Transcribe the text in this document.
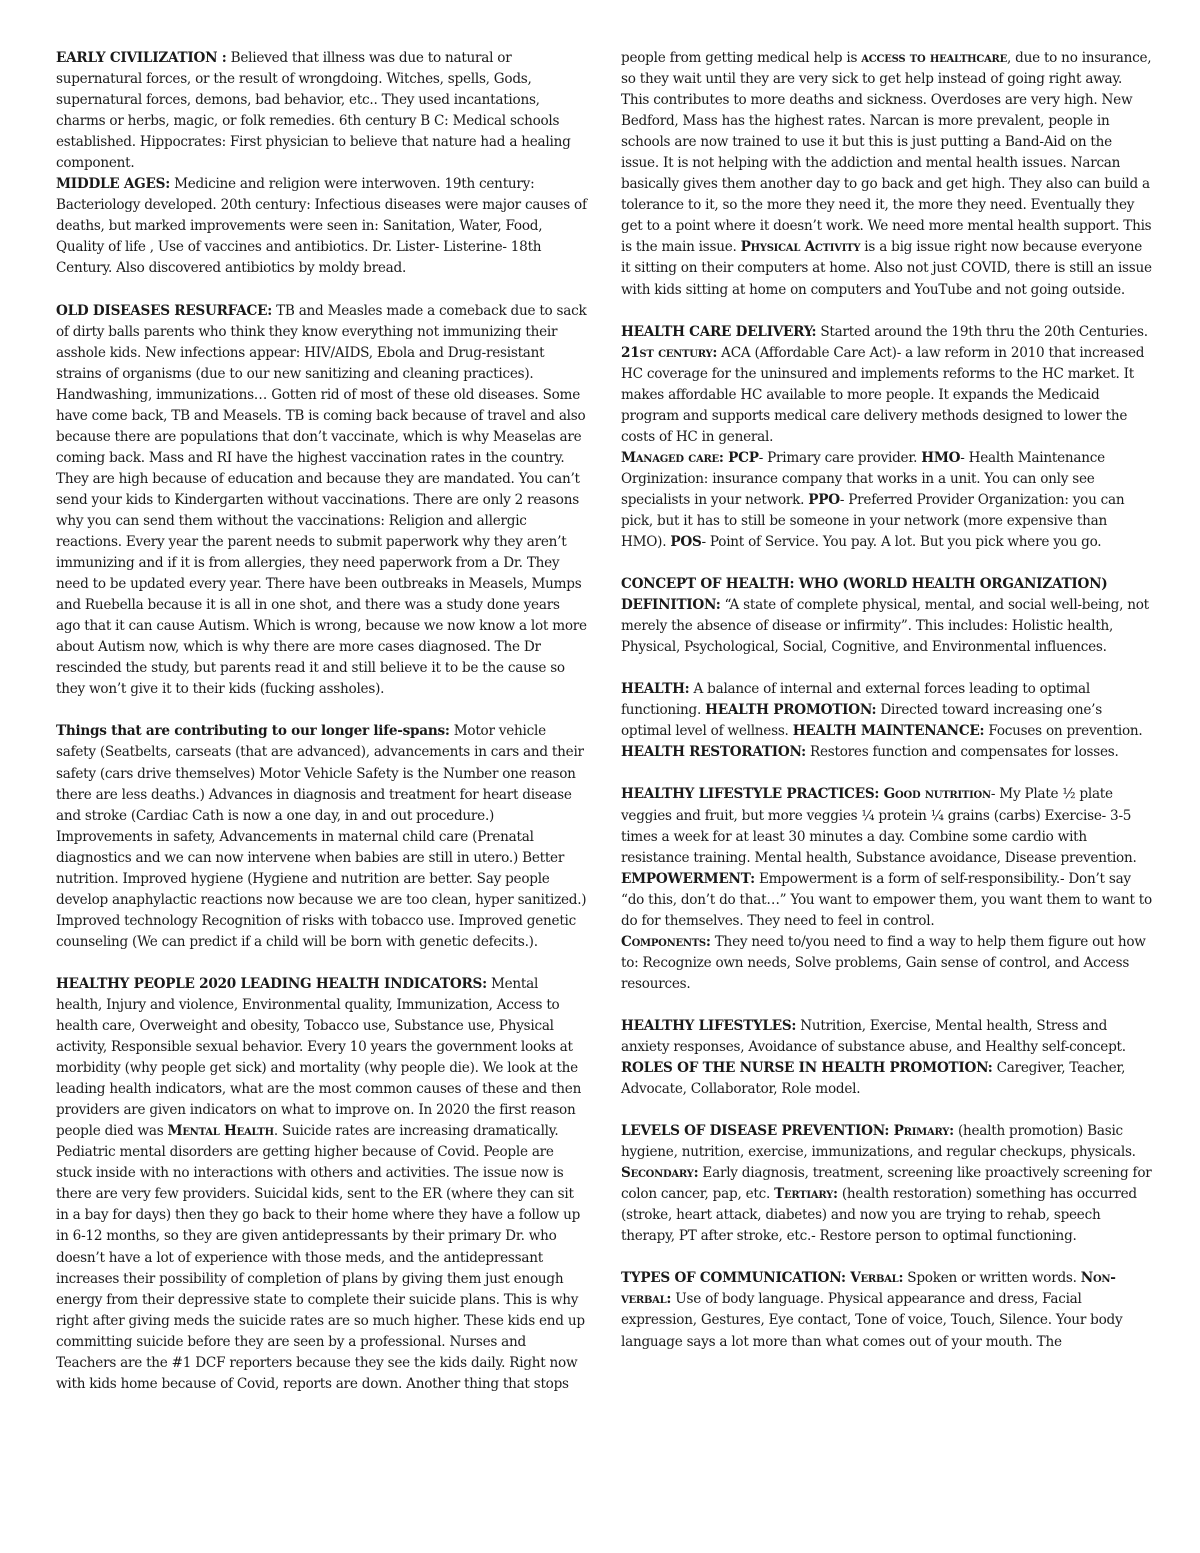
EARLY CIVILIZATION : Believed that illness was due to natural or supernatural forces, or the result of wrongdoing. Witches, spells, Gods, supernatural forces, demons, bad behavior, etc.. They used incantations, charms or herbs, magic, or folk remedies. 6th century B C: Medical schools established. Hippocrates: First physician to believe that nature had a healing component.
MIDDLE AGES: Medicine and religion were interwoven. 19th century: Bacteriology developed. 20th century: Infectious diseases were major causes of deaths, but marked improvements were seen in: Sanitation, Water, Food, Quality of life , Use of vaccines and antibiotics. Dr. Lister- Listerine- 18th Century. Also discovered antibiotics by moldy bread.
OLD DISEASES RESURFACE: TB and Measles made a comeback due to sack of dirty balls parents who think they know everything not immunizing their asshole kids. New infections appear: HIV/AIDS, Ebola and Drug-resistant strains of organisms (due to our new sanitizing and cleaning practices). Handwashing, immunizations… Gotten rid of most of these old diseases. Some have come back, TB and Measels. TB is coming back because of travel and also because there are populations that don’t vaccinate, which is why Measelas are coming back. Mass and RI have the highest vaccination rates in the country. They are high because of education and because they are mandated. You can’t send your kids to Kindergarten without vaccinations. There are only 2 reasons why you can send them without the vaccinations: Religion and allergic reactions. Every year the parent needs to submit paperwork why they aren’t immunizing and if it is from allergies, they need paperwork from a Dr. They need to be updated every year. There have been outbreaks in Measels, Mumps and Ruebella because it is all in one shot, and there was a study done years ago that it can cause Autism. Which is wrong, because we now know a lot more about Autism now, which is why there are more cases diagnosed. The Dr rescinded the study, but parents read it and still believe it to be the cause so they won’t give it to their kids (fucking assholes).
Things that are contributing to our longer life-spans: Motor vehicle safety (Seatbelts, carseats (that are advanced), advancements in cars and their safety (cars drive themselves) Motor Vehicle Safety is the Number one reason there are less deaths.) Advances in diagnosis and treatment for heart disease and stroke (Cardiac Cath is now a one day, in and out procedure.) Improvements in safety, Advancements in maternal child care (Prenatal diagnostics and we can now intervene when babies are still in utero.) Better nutrition. Improved hygiene (Hygiene and nutrition are better. Say people develop anaphylactic reactions now because we are too clean, hyper sanitized.) Improved technology Recognition of risks with tobacco use. Improved genetic counseling (We can predict if a child will be born with genetic defecits.).
HEALTHY PEOPLE 2020 LEADING HEALTH INDICATORS: Mental health, Injury and violence, Environmental quality, Immunization, Access to health care, Overweight and obesity, Tobacco use, Substance use, Physical activity, Responsible sexual behavior. Every 10 years the government looks at morbidity (why people get sick) and mortality (why people die). We look at the leading health indicators, what are the most common causes of these and then providers are given indicators on what to improve on. In 2020 the first reason people died was Mental Health. Suicide rates are increasing dramatically. Pediatric mental disorders are getting higher because of Covid. People are stuck inside with no interactions with others and activities. The issue now is there are very few providers. Suicidal kids, sent to the ER (where they can sit in a bay for days) then they go back to their home where they have a follow up in 6-12 months, so they are given antidepressants by their primary Dr. who doesn’t have a lot of experience with those meds, and the antidepressant increases their possibility of completion of plans by giving them just enough energy from their depressive state to complete their suicide plans. This is why right after giving meds the suicide rates are so much higher. These kids end up committing suicide before they are seen by a professional. Nurses and Teachers are the #1 DCF reporters because they see the kids daily. Right now with kids home because of Covid, reports are down. Another thing that stops
people from getting medical help is access to healthcare, due to no insurance, so they wait until they are very sick to get help instead of going right away. This contributes to more deaths and sickness. Overdoses are very high. New Bedford, Mass has the highest rates. Narcan is more prevalent, people in schools are now trained to use it but this is just putting a Band-Aid on the issue. It is not helping with the addiction and mental health issues. Narcan basically gives them another day to go back and get high. They also can build a tolerance to it, so the more they need it, the more they need. Eventually they get to a point where it doesn’t work. We need more mental health support. This is the main issue. Physical Activity is a big issue right now because everyone it sitting on their computers at home. Also not just COVID, there is still an issue with kids sitting at home on computers and YouTube and not going outside.
HEALTH CARE DELIVERY: Started around the 19th thru the 20th Centuries. 21st century: ACA (Affordable Care Act)- a law reform in 2010 that increased HC coverage for the uninsured and implements reforms to the HC market. It makes affordable HC available to more people. It expands the Medicaid program and supports medical care delivery methods designed to lower the costs of HC in general.
Managed care: PCP- Primary care provider. HMO- Health Maintenance Orginization: insurance company that works in a unit. You can only see specialists in your network. PPO- Preferred Provider Organization: you can pick, but it has to still be someone in your network (more expensive than HMO). POS- Point of Service. You pay. A lot. But you pick where you go.
CONCEPT OF HEALTH: WHO (WORLD HEALTH ORGANIZATION) DEFINITION: “A state of complete physical, mental, and social well-being, not merely the absence of disease or infirmity”. This includes: Holistic health, Physical, Psychological, Social, Cognitive, and Environmental influences.
HEALTH: A balance of internal and external forces leading to optimal functioning. HEALTH PROMOTION: Directed toward increasing one’s optimal level of wellness. HEALTH MAINTENANCE: Focuses on prevention. HEALTH RESTORATION: Restores function and compensates for losses.
HEALTHY LIFESTYLE PRACTICES: Good nutrition- My Plate ½ plate veggies and fruit, but more veggies ¼ protein ¼ grains (carbs) Exercise- 3-5 times a week for at least 30 minutes a day. Combine some cardio with resistance training. Mental health, Substance avoidance, Disease prevention.
EMPOWERMENT: Empowerment is a form of self-responsibility.- Don’t say “do this, don’t do that…” You want to empower them, you want them to want to do for themselves. They need to feel in control.
Components: They need to/you need to find a way to help them figure out how to: Recognize own needs, Solve problems, Gain sense of control, and Access resources.
HEALTHY LIFESTYLES: Nutrition, Exercise, Mental health, Stress and anxiety responses, Avoidance of substance abuse, and Healthy self-concept. ROLES OF THE NURSE IN HEALTH PROMOTION: Caregiver, Teacher, Advocate, Collaborator, Role model.
LEVELS OF DISEASE PREVENTION: Primary: (health promotion) Basic hygiene, nutrition, exercise, immunizations, and regular checkups, physicals. Secondary: Early diagnosis, treatment, screening like proactively screening for colon cancer, pap, etc. Tertiary: (health restoration) something has occurred (stroke, heart attack, diabetes) and now you are trying to rehab, speech therapy, PT after stroke, etc.- Restore person to optimal functioning.
TYPES OF COMMUNICATION: Verbal: Spoken or written words. Non-verbal: Use of body language. Physical appearance and dress, Facial expression, Gestures, Eye contact, Tone of voice, Touch, Silence. Your body language says a lot more than what comes out of your mouth. The
